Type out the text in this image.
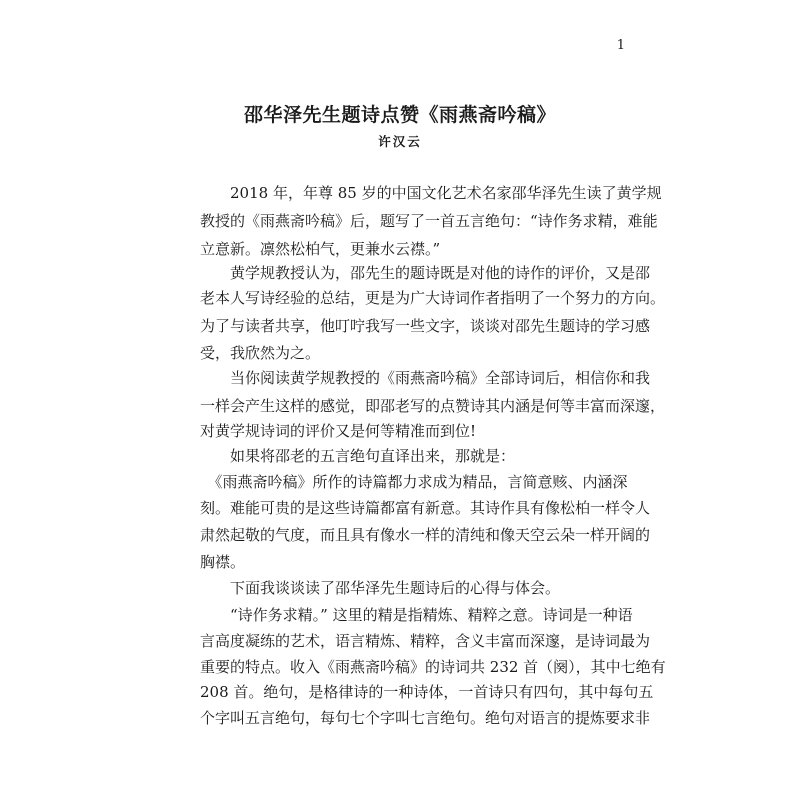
1
邵华泽先生题诗点赞《雨燕斋吟稿》
许汉云
　　2018 年，年尊 85 岁的中国文化艺术名家邵华泽先生读了黄学规
教授的《雨燕斋吟稿》后，题写了一首五言绝句：“诗作务求精，难能
立意新。凛然松柏气，更兼水云襟。”
　　黄学规教授认为，邵先生的题诗既是对他的诗作的评价，又是邵
老本人写诗经验的总结，更是为广大诗词作者指明了一个努力的方向。
为了与读者共享，他叮咛我写一些文字，谈谈对邵先生题诗的学习感
受，我欣然为之。
　　当你阅读黄学规教授的《雨燕斋吟稿》全部诗词后，相信你和我
一样会产生这样的感觉，即邵老写的点赞诗其内涵是何等丰富而深邃，
对黄学规诗词的评价又是何等精准而到位!
　　如果将邵老的五言绝句直译出来，那就是：
　《雨燕斋吟稿》所作的诗篇都力求成为精品，言简意赅、内涵深
刻。难能可贵的是这些诗篇都富有新意。其诗作具有像松柏一样令人
肃然起敬的气度，而且具有像水一样的清纯和像天空云朵一样开阔的
胸襟。
　　下面我谈谈读了邵华泽先生题诗后的心得与体会。
　　“诗作务求精。” 这里的精是指精炼、精粹之意。诗词是一种语
言高度凝练的艺术，语言精炼、精粹，含义丰富而深邃，是诗词最为
重要的特点。收入《雨燕斋吟稿》的诗词共 232 首（阕），其中七绝有
208 首。绝句，是格律诗的一种诗体，一首诗只有四句，其中每句五
个字叫五言绝句，每句七个字叫七言绝句。绝句对语言的提炼要求非
